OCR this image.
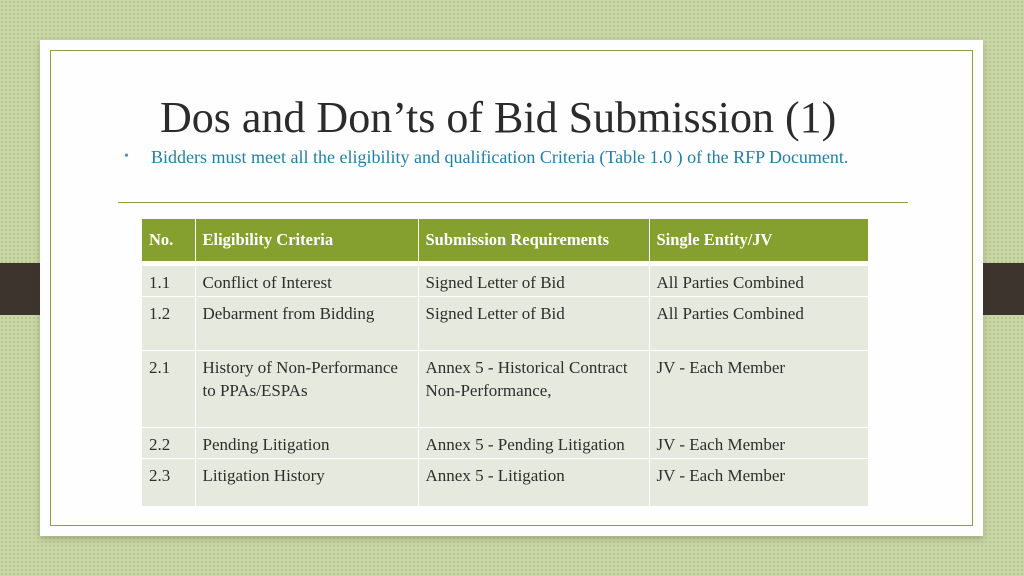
Dos and Don’ts of Bid Submission (1)
• Bidders must meet all the eligibility and qualification Criteria (Table 1.0 ) of the RFP Document.
No.	Eligibility Criteria	Submission Requirements	Single Entity/JV

1.1	Conflict of Interest	Signed Letter of Bid	All Parties Combined
1.2	Debarment from Bidding	Signed Letter of Bid	All Parties Combined
2.1	History of Non-Performance to PPAs/ESPAs	Annex 5 - Historical Contract Non-Performance,	JV - Each Member
2.2	Pending Litigation	Annex 5 - Pending Litigation	JV - Each Member
2.3	Litigation History	Annex 5 - Litigation	JV - Each Member
